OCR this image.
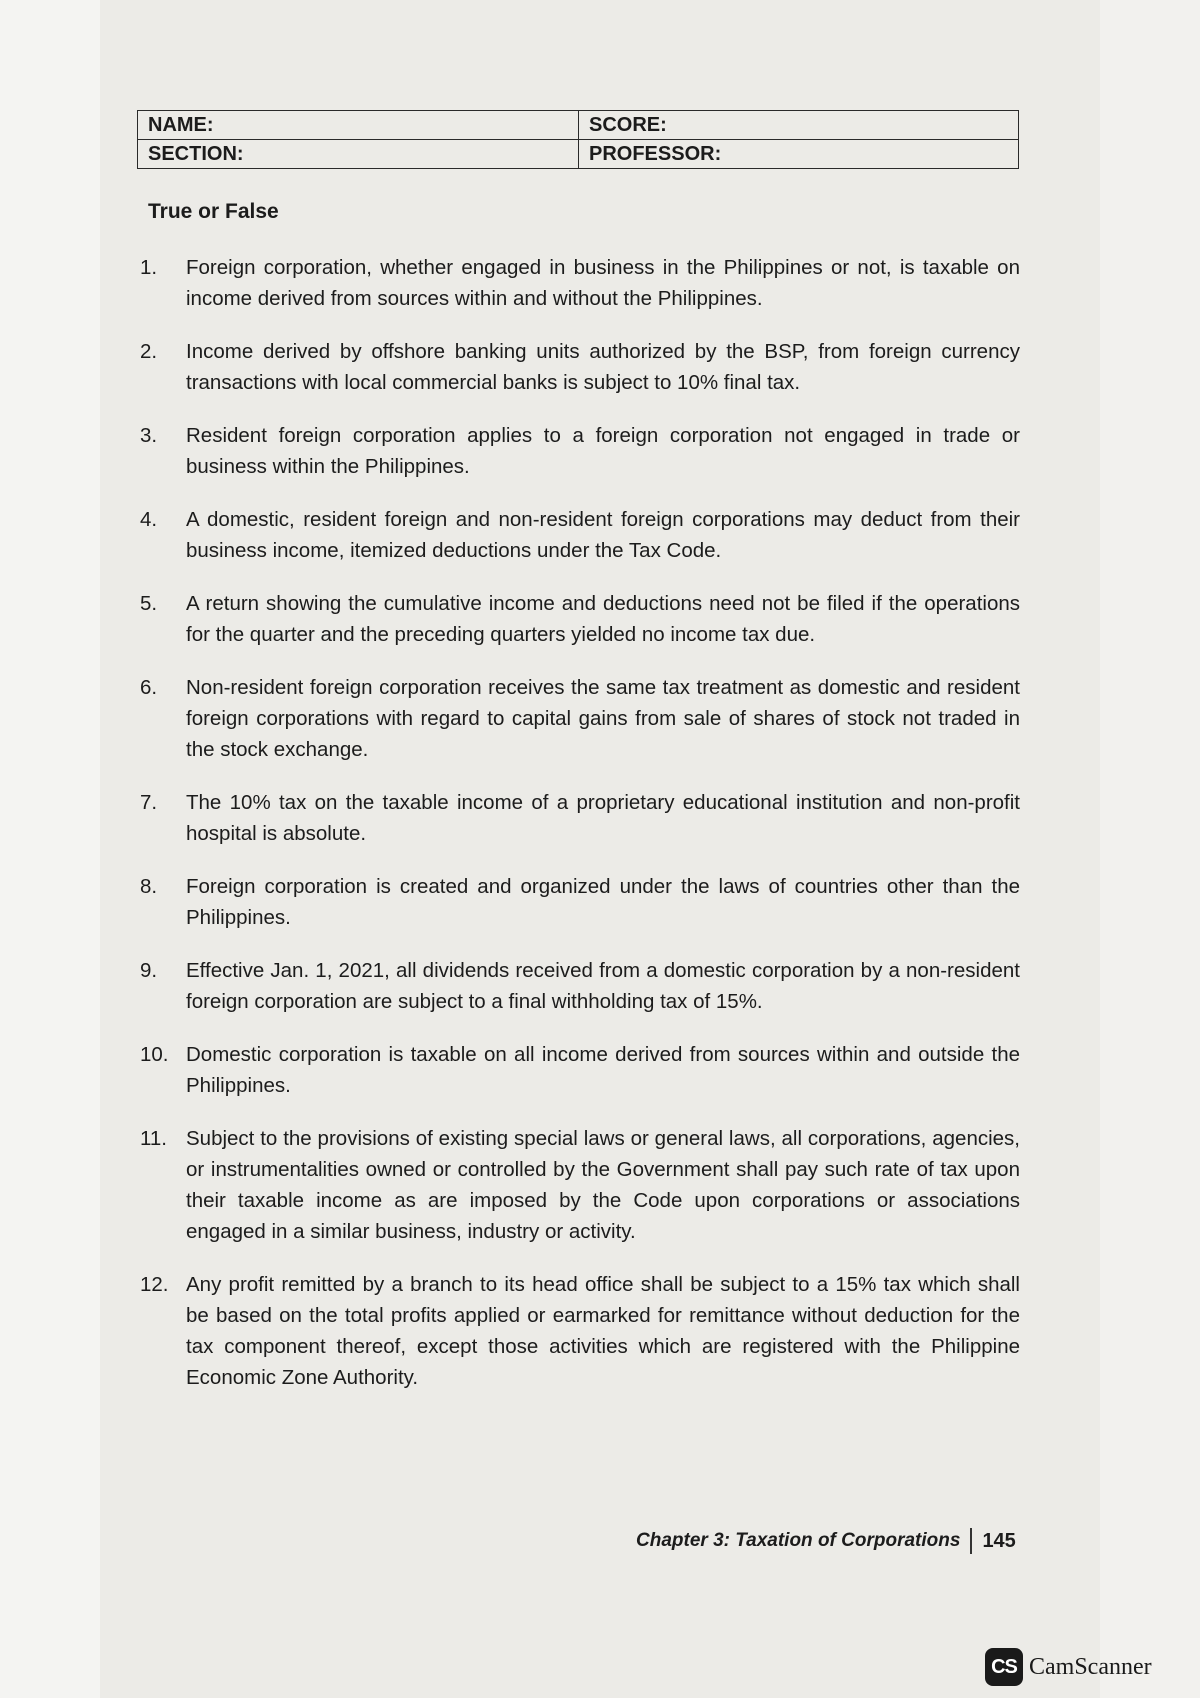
NAME:	SCORE:
SECTION:	PROFESSOR:
True or False
1.	Foreign corporation, whether engaged in business in the Philippines or not, is taxable on income derived from sources within and without the Philippines.
2.	Income derived by offshore banking units authorized by the BSP, from foreign currency transactions with local commercial banks is subject to 10% final tax.
3.	Resident foreign corporation applies to a foreign corporation not engaged in trade or business within the Philippines.
4.	A domestic, resident foreign and non-resident foreign corporations may deduct from their business income, itemized deductions under the Tax Code.
5.	A return showing the cumulative income and deductions need not be filed if the operations for the quarter and the preceding quarters yielded no income tax due.
6.	Non-resident foreign corporation receives the same tax treatment as domestic and resident foreign corporations with regard to capital gains from sale of shares of stock not traded in the stock exchange.
7.	The 10% tax on the taxable income of a proprietary educational institution and non-profit hospital is absolute.
8.	Foreign corporation is created and organized under the laws of countries other than the Philippines.
9.	Effective Jan. 1, 2021, all dividends received from a domestic corporation by a non-resident foreign corporation are subject to a final withholding tax of 15%.
10. Domestic corporation is taxable on all income derived from sources within and outside the Philippines.
11. Subject to the provisions of existing special laws or general laws, all corporations, agencies, or instrumentalities owned or controlled by the Government shall pay such rate of tax upon their taxable income as are imposed by the Code upon corporations or associations engaged in a similar business, industry or activity.
12. Any profit remitted by a branch to its head office shall be subject to a 15% tax which shall be based on the total profits applied or earmarked for remittance without deduction for the tax component thereof, except those activities which are registered with the Philippine Economic Zone Authority.
Chapter 3: Taxation of Corporations 145
CS CamScanner
